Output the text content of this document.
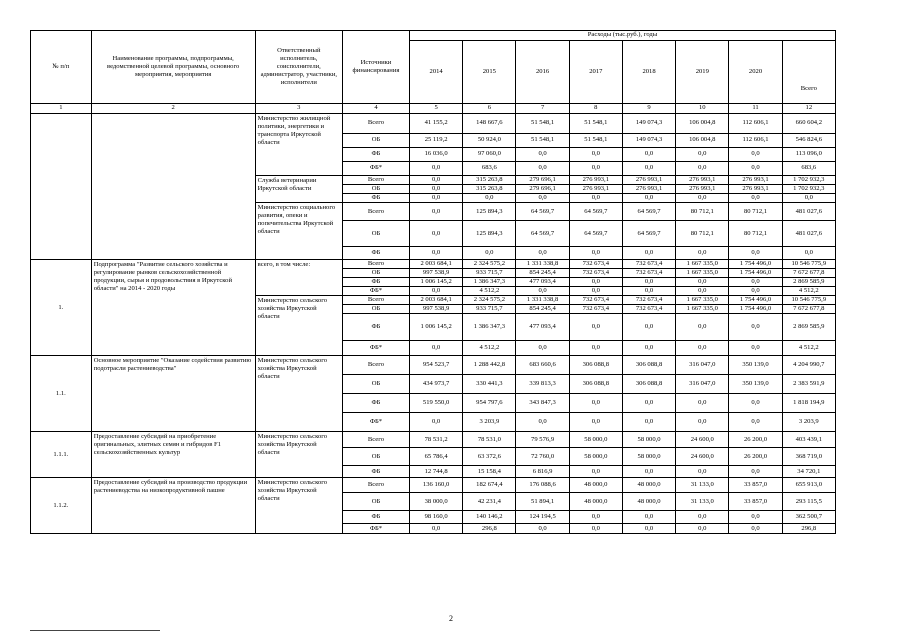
№ п/п	Наименование программы, подпрограммы, ведомственной целевой программы, основного мероприятия, мероприятия	Ответственный исполнитель, соисполнители, администратор, участники, исполнители	Источники финансирования	Расходы (тыс.руб.), годы							
				2014	2015	2016	2017	2018	2019	2020	Всего
1	2	3	4	5	6	7	8	9	10	11	12
		Министерство жилищной политики, энергетики и транспорта Иркутской области	Всего	41 155,2	148 667,6	51 548,1	51 548,1	149 074,3	106 004,8	112 606,1	660 604,2
			ОБ	25 119,2	50 924,0	51 548,1	51 548,1	149 074,3	106 004,8	112 606,1	546 824,6
			ФБ	16 036,0	97 060,0	0,0	0,0	0,0	0,0	0,0	113 096,0
			ФБ*	0,0	683,6	0,0	0,0	0,0	0,0	0,0	683,6
		Служба ветеринарии Иркутской области	Всего	0,0	315 263,8	279 696,1	276 993,1	276 993,1	276 993,1	276 993,1	1 702 932,3
			ОБ	0,0	315 263,8	279 696,1	276 993,1	276 993,1	276 993,1	276 993,1	1 702 932,3
			ФБ	0,0	0,0	0,0	0,0	0,0	0,0	0,0	0,0
		Министерство социального развития, опеки и попечительства Иркутской области	Всего	0,0	125 894,3	64 569,7	64 569,7	64 569,7	80 712,1	80 712,1	481 027,6
			ОБ	0,0	125 894,3	64 569,7	64 569,7	64 569,7	80 712,1	80 712,1	481 027,6
			ФБ	0,0	0,0	0,0	0,0	0,0	0,0	0,0	0,0
1.	Подпрограмма "Развитие сельского хозяйства и регулирование рынков сельскохозяйственной продукции, сырья и продовольствия в Иркутской области" на 2014 - 2020 годы	всего, в том числе:	Всего	2 003 684,1	2 324 575,2	1 331 338,8	732 673,4	732 673,4	1 667 335,0	1 754 496,0	10 546 775,9
			ОБ	997 538,9	933 715,7	854 245,4	732 673,4	732 673,4	1 667 335,0	1 754 496,0	7 672 677,8
			ФБ	1 006 145,2	1 386 347,3	477 093,4	0,0	0,0	0,0	0,0	2 869 585,9
			ФБ*	0,0	4 512,2	0,0	0,0	0,0	0,0	0,0	4 512,2
		Министерство сельского хозяйства Иркутской области	Всего	2 003 684,1	2 324 575,2	1 331 338,8	732 673,4	732 673,4	1 667 335,0	1 754 496,0	10 546 775,9
			ОБ	997 538,9	933 715,7	854 245,4	732 673,4	732 673,4	1 667 335,0	1 754 496,0	7 672 677,8
			ФБ	1 006 145,2	1 386 347,3	477 093,4	0,0	0,0	0,0	0,0	2 869 585,9
			ФБ*	0,0	4 512,2	0,0	0,0	0,0	0,0	0,0	4 512,2
1.1.	Основное мероприятие "Оказание содействия развитию подотрасли растениеводства"	Министерство сельского хозяйства Иркутской области	Всего	954 523,7	1 288 442,8	683 660,6	306 088,8	306 088,8	316 047,0	350 139,0	4 204 990,7
			ОБ	434 973,7	330 441,3	339 813,3	306 088,8	306 088,8	316 047,0	350 139,0	2 383 591,9
			ФБ	519 550,0	954 797,6	343 847,3	0,0	0,0	0,0	0,0	1 818 194,9
			ФБ*	0,0	3 203,9	0,0	0,0	0,0	0,0	0,0	3 203,9
1.1.1.	Предоставление субсидий на приобретение оригинальных, элитных семян и гибридов F1 сельскохозяйственных культур	Министерство сельского хозяйства Иркутской области	Всего	78 531,2	78 531,0	79 576,9	58 000,0	58 000,0	24 600,0	26 200,0	403 439,1
			ОБ	65 786,4	63 372,6	72 760,0	58 000,0	58 000,0	24 600,0	26 200,0	368 719,0
			ФБ	12 744,8	15 158,4	6 816,9	0,0	0,0	0,0	0,0	34 720,1
1.1.2.	Предоставление субсидий на производство продукции растениеводства на низкопродуктивной пашне	Министерство сельского хозяйства Иркутской области	Всего	136 160,0	182 674,4	176 088,6	48 000,0	48 000,0	31 133,0	33 857,0	655 913,0
			ОБ	38 000,0	42 231,4	51 894,1	48 000,0	48 000,0	31 133,0	33 857,0	293 115,5
			ФБ	98 160,0	140 146,2	124 194,5	0,0	0,0	0,0	0,0	362 500,7
			ФБ*	0,0	296,8	0,0	0,0	0,0	0,0	0,0	296,8
2
